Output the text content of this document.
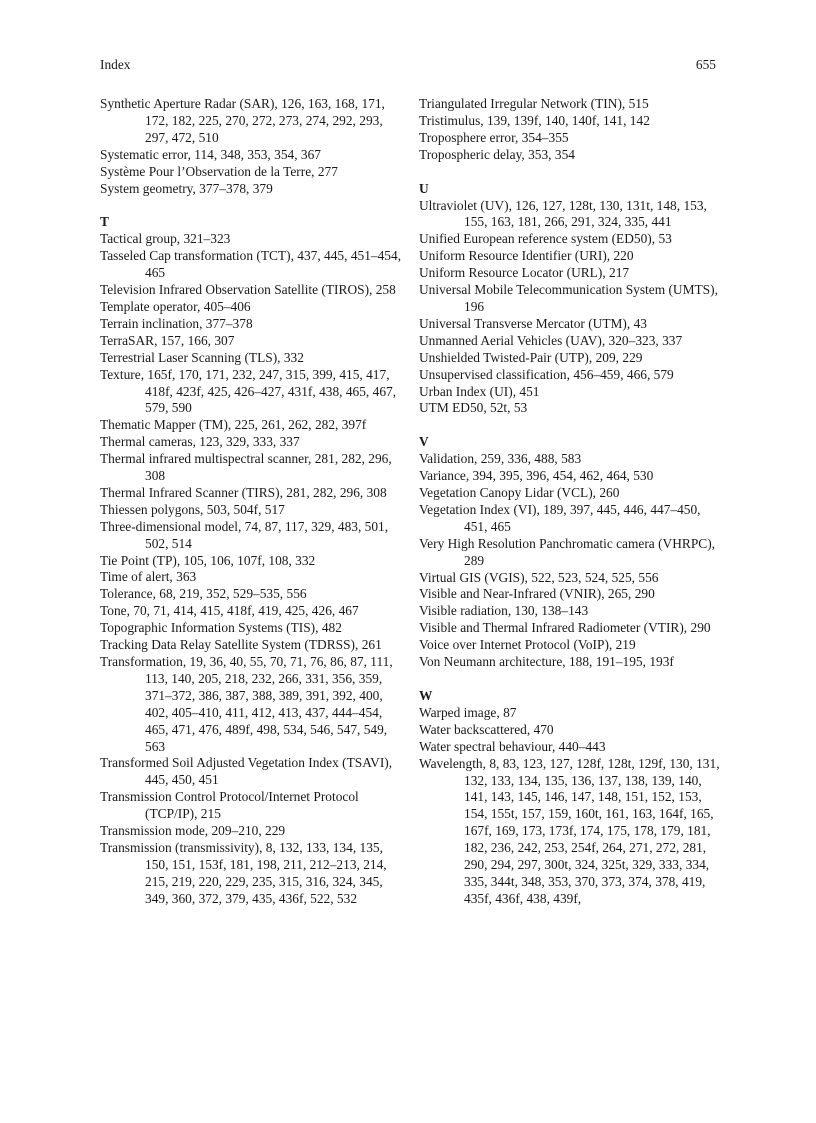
Index	655

Synthetic Aperture Radar (SAR), 126, 163, 168, 171, 172, 182, 225, 270, 272, 273, 274, 292, 293, 297, 472, 510

Systematic error, 114, 348, 353, 354, 367

Système Pour l’Observation de la Terre, 277

System geometry, 377–378, 379

T

Tactical group, 321–323

Tasseled Cap transformation (TCT), 437, 445, 451–454, 465

Television Infrared Observation Satellite (TIROS), 258

Template operator, 405–406

Terrain inclination, 377–378

TerraSAR, 157, 166, 307

Terrestrial Laser Scanning (TLS), 332

Texture, 165f, 170, 171, 232, 247, 315, 399, 415, 417, 418f, 423f, 425, 426–427, 431f, 438, 465, 467, 579, 590

Thematic Mapper (TM), 225, 261, 262, 282, 397f

Thermal cameras, 123, 329, 333, 337

Thermal infrared multispectral scanner, 281, 282, 296, 308

Thermal Infrared Scanner (TIRS), 281, 282, 296, 308

Thiessen polygons, 503, 504f, 517

Three-dimensional model, 74, 87, 117, 329, 483, 501, 502, 514

Tie Point (TP), 105, 106, 107f, 108, 332

Time of alert, 363

Tolerance, 68, 219, 352, 529–535, 556

Tone, 70, 71, 414, 415, 418f, 419, 425, 426, 467

Topographic Information Systems (TIS), 482

Tracking Data Relay Satellite System (TDRSS), 261

Transformation, 19, 36, 40, 55, 70, 71, 76, 86, 87, 111, 113, 140, 205, 218, 232, 266, 331, 356, 359, 371–372, 386, 387, 388, 389, 391, 392, 400, 402, 405–410, 411, 412, 413, 437, 444–454, 465, 471, 476, 489f, 498, 534, 546, 547, 549, 563

Transformed Soil Adjusted Vegetation Index (TSAVI), 445, 450, 451

Transmission Control Protocol/Internet Protocol (TCP/IP), 215

Transmission mode, 209–210, 229

Transmission (transmissivity), 8, 132, 133, 134, 135, 150, 151, 153f, 181, 198, 211, 212–213, 214, 215, 219, 220, 229, 235, 315, 316, 324, 345, 349, 360, 372, 379, 435, 436f, 522, 532

Triangulated Irregular Network (TIN), 515

Tristimulus, 139, 139f, 140, 140f, 141, 142

Troposphere error, 354–355

Tropospheric delay, 353, 354

U

Ultraviolet (UV), 126, 127, 128t, 130, 131t, 148, 153, 155, 163, 181, 266, 291, 324, 335, 441

Unified European reference system (ED50), 53

Uniform Resource Identifier (URI), 220

Uniform Resource Locator (URL), 217

Universal Mobile Telecommunication System (UMTS), 196

Universal Transverse Mercator (UTM), 43

Unmanned Aerial Vehicles (UAV), 320–323, 337

Unshielded Twisted-Pair (UTP), 209, 229

Unsupervised classification, 456–459, 466, 579

Urban Index (UI), 451

UTM ED50, 52t, 53

V

Validation, 259, 336, 488, 583

Variance, 394, 395, 396, 454, 462, 464, 530

Vegetation Canopy Lidar (VCL), 260

Vegetation Index (VI), 189, 397, 445, 446, 447–450, 451, 465

Very High Resolution Panchromatic camera (VHRPC), 289

Virtual GIS (VGIS), 522, 523, 524, 525, 556

Visible and Near-Infrared (VNIR), 265, 290

Visible radiation, 130, 138–143

Visible and Thermal Infrared Radiometer (VTIR), 290

Voice over Internet Protocol (VoIP), 219

Von Neumann architecture, 188, 191–195, 193f

W

Warped image, 87

Water backscattered, 470

Water spectral behaviour, 440–443

Wavelength, 8, 83, 123, 127, 128f, 128t, 129f, 130, 131, 132, 133, 134, 135, 136, 137, 138, 139, 140, 141, 143, 145, 146, 147, 148, 151, 152, 153, 154, 155t, 157, 159, 160t, 161, 163, 164f, 165, 167f, 169, 173, 173f, 174, 175, 178, 179, 181, 182, 236, 242, 253, 254f, 264, 271, 272, 281, 290, 294, 297, 300t, 324, 325t, 329, 333, 334, 335, 344t, 348, 353, 370, 373, 374, 378, 419, 435f, 436f, 438, 439f,
